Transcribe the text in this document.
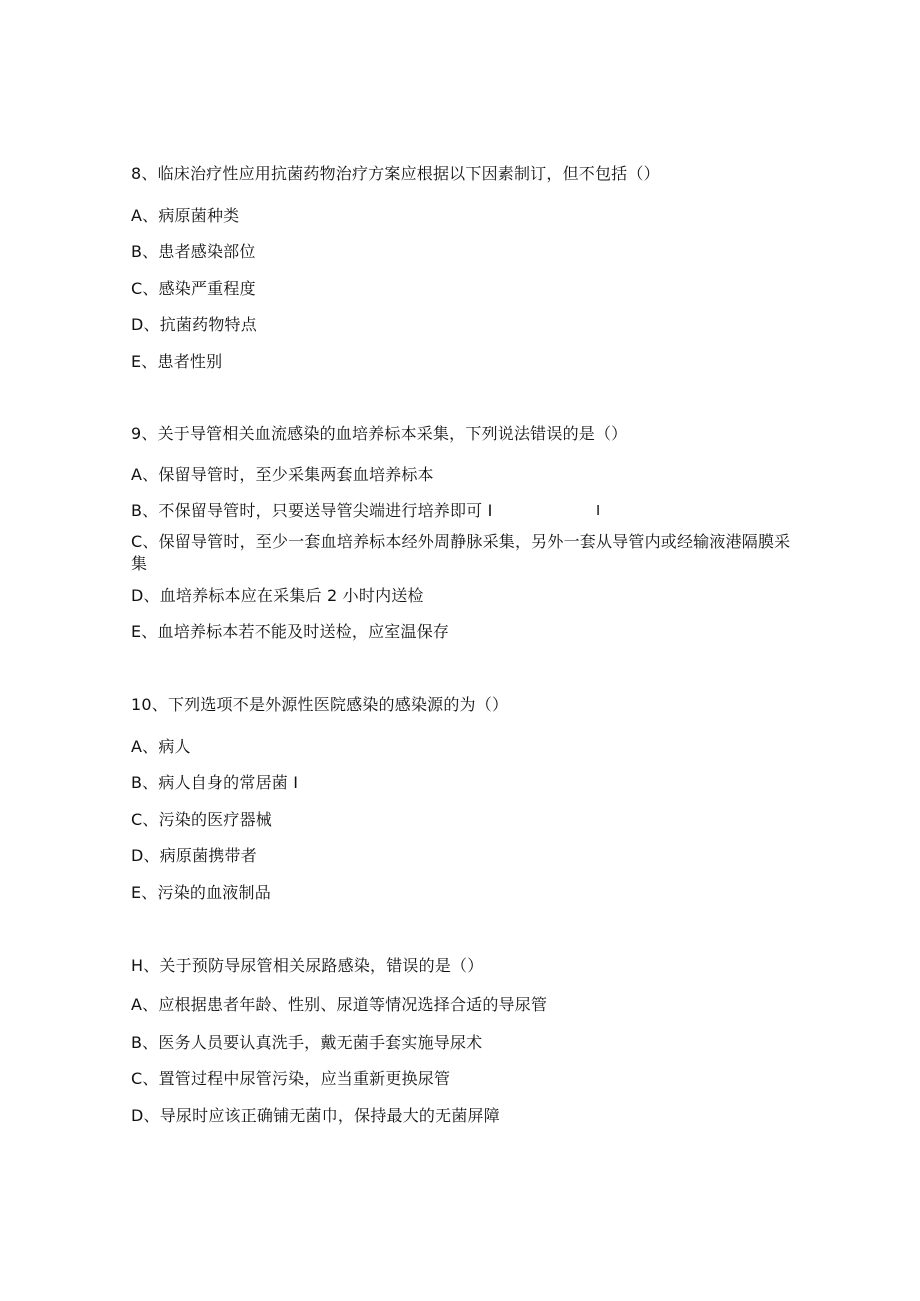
8、临床治疗性应用抗菌药物治疗方案应根据以下因素制订，但不包括（）
A、病原菌种类
B、患者感染部位
C、感染严重程度
D、抗菌药物特点
E、患者性别
9、关于导管相关血流感染的血培养标本采集，下列说法错误的是（）
A、保留导管时，至少采集两套血培养标本
B、不保留导管时，只要送导管尖端进行培养即可 I	I
C、保留导管时，至少一套血培养标本经外周静脉采集，另外一套从导管内或经输液港隔膜采集
D、血培养标本应在采集后 2 小时内送检
E、血培养标本若不能及时送检，应室温保存
10、下列选项不是外源性医院感染的感染源的为（）
A、病人
B、病人自身的常居菌 I
C、污染的医疗器械
D、病原菌携带者
E、污染的血液制品
H、关于预防导尿管相关尿路感染，错误的是（）
A、应根据患者年龄、性别、尿道等情况选择合适的导尿管
B、医务人员要认真洗手，戴无菌手套实施导尿术
C、置管过程中尿管污染，应当重新更换尿管
D、导尿时应该正确铺无菌巾，保持最大的无菌屏障
